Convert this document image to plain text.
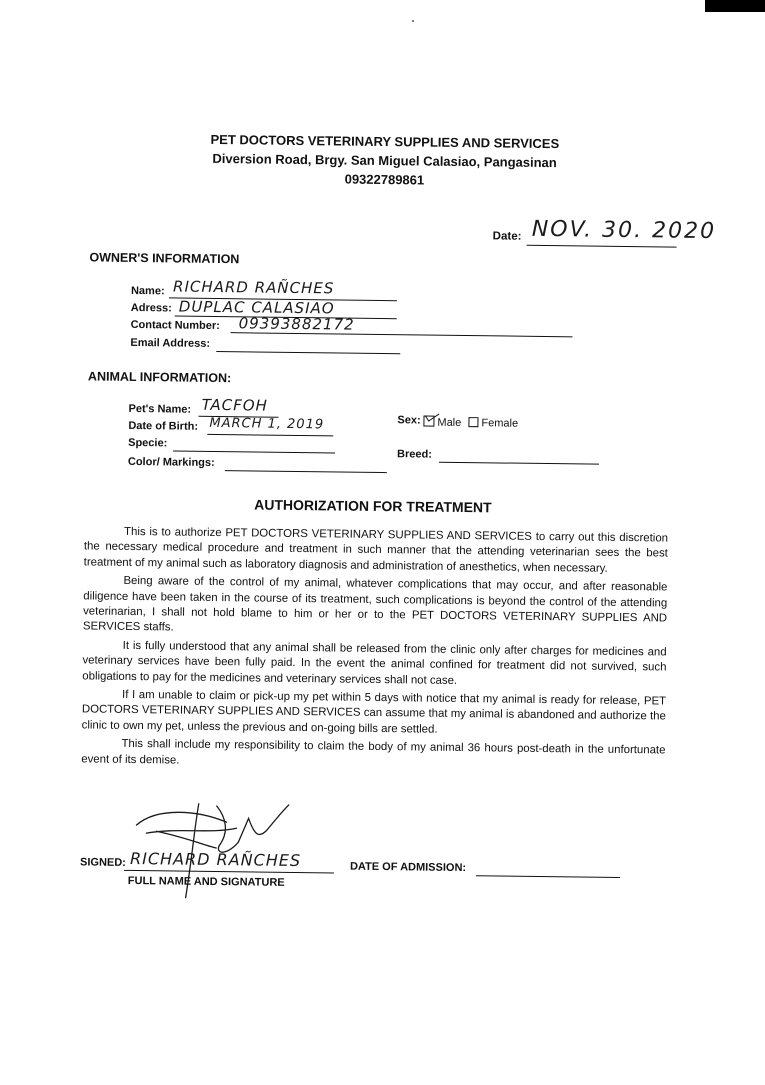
PET DOCTORS VETERINARY SUPPLIES AND SERVICES
Diversion Road, Brgy. San Miguel Calasiao, Pangasinan
09322789861
Date: NOV. 30. 2020
OWNER'S INFORMATION
Name: RICHARD RAÑCHES
Adress: DUPLAC CALASIAO
Contact Number: 09393882172
Email Address:
ANIMAL INFORMATION:
Pet's Name: TACFOH
Date of Birth: MARCH 1, 2019
Specie:
Color/ Markings:
Sex:	Male	Female
Breed:
AUTHORIZATION FOR TREATMENT

This is to authorize PET DOCTORS VETERINARY SUPPLIES AND SERVICES to carry out this discretion the necessary medical procedure and treatment in such manner that the attending veterinarian sees the best treatment of my animal such as laboratory diagnosis and administration of anesthetics, when necessary.

Being aware of the control of my animal, whatever complications that may occur, and after reasonable diligence have been taken in the course of its treatment, such complications is beyond the control of the attending veterinarian, I shall not hold blame to him or her or to the PET DOCTORS VETERINARY SUPPLIES AND SERVICES staffs.

It is fully understood that any animal shall be released from the clinic only after charges for medicines and veterinary services have been fully paid. In the event the animal confined for treatment did not survived, such obligations to pay for the medicines and veterinary services shall not case.

If I am unable to claim or pick-up my pet within 5 days with notice that my animal is ready for release, PET DOCTORS VETERINARY SUPPLIES AND SERVICES can assume that my animal is abandoned and authorize the clinic to own my pet, unless the previous and on-going bills are settled.

This shall include my responsibility to claim the body of my animal 36 hours post-death in the unfortunate event of its demise.

SIGNED: RICHARD RAÑCHES
FULL NAME AND SIGNATURE
DATE OF ADMISSION:
